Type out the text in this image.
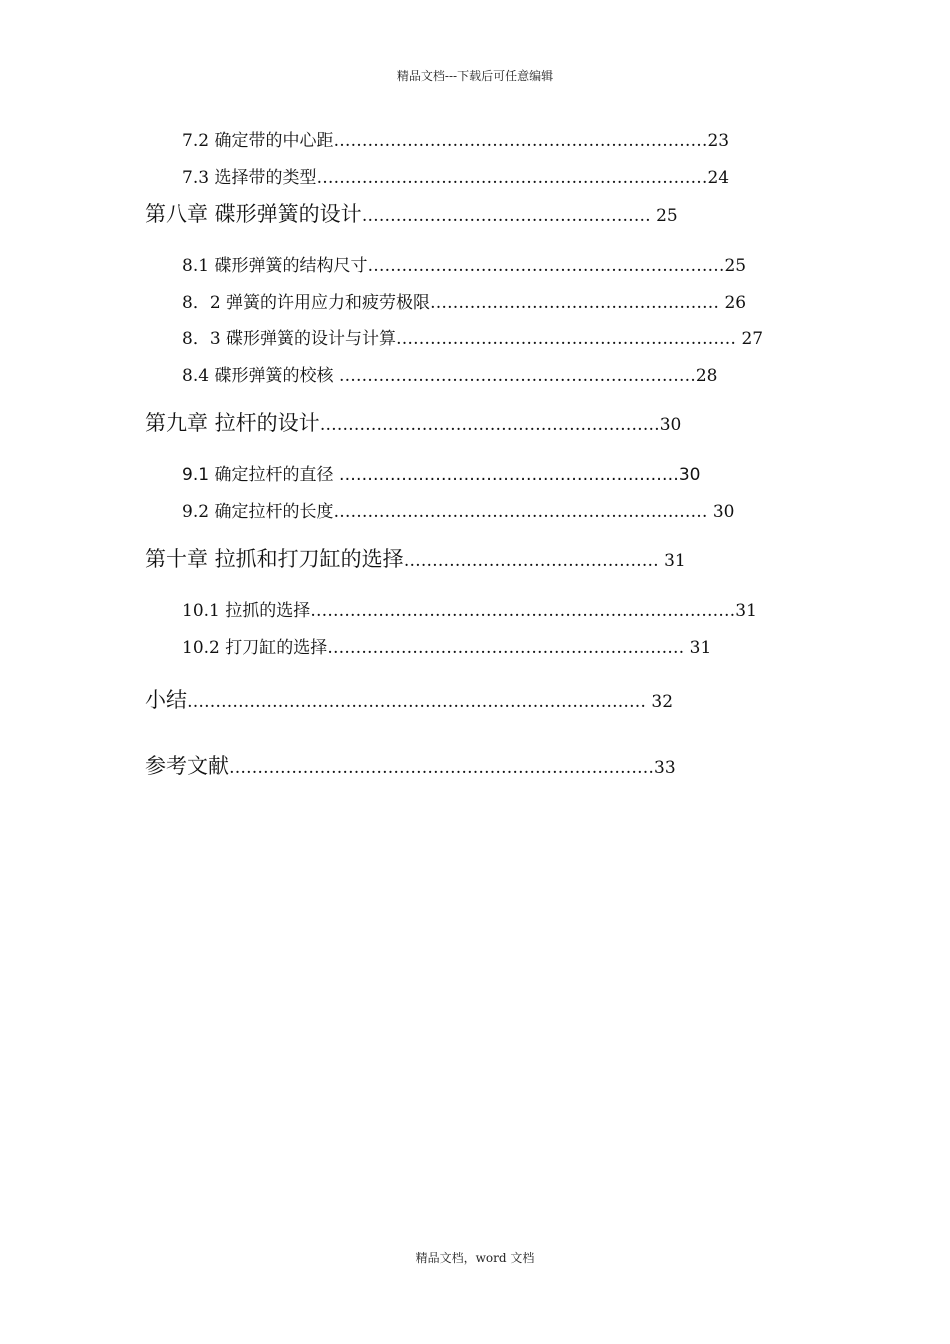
精品文档---下载后可任意编辑
7.2 确定带的中心距…………………………………………………………23
7.3 选择带的类型……………………………………………………………24
第八章 碟形弹簧的设计…………………………………………… 25
8.1 碟形弹簧的结构尺寸………………………………………………………25
8．2 弹簧的许用应力和疲劳极限…………………………………………… 26
8．3 碟形弹簧的设计与计算…………………………………………………… 27
8.4 碟形弹簧的校核 ………………………………………………………28
第九章 拉杆的设计……………………………………………………30
9.1 确定拉杆的直径 ……………………………………………………30
9.2 确定拉杆的长度………………………………………………………… 30
第十章 拉抓和打刀缸的选择……………………………………… 31
10.1 拉抓的选择…………………………………………………………………31
10.2 打刀缸的选择……………………………………………………… 31
小结……………………………………………………………………… 32
参考文献…………………………………………………………………33
精品文档，word 文档
